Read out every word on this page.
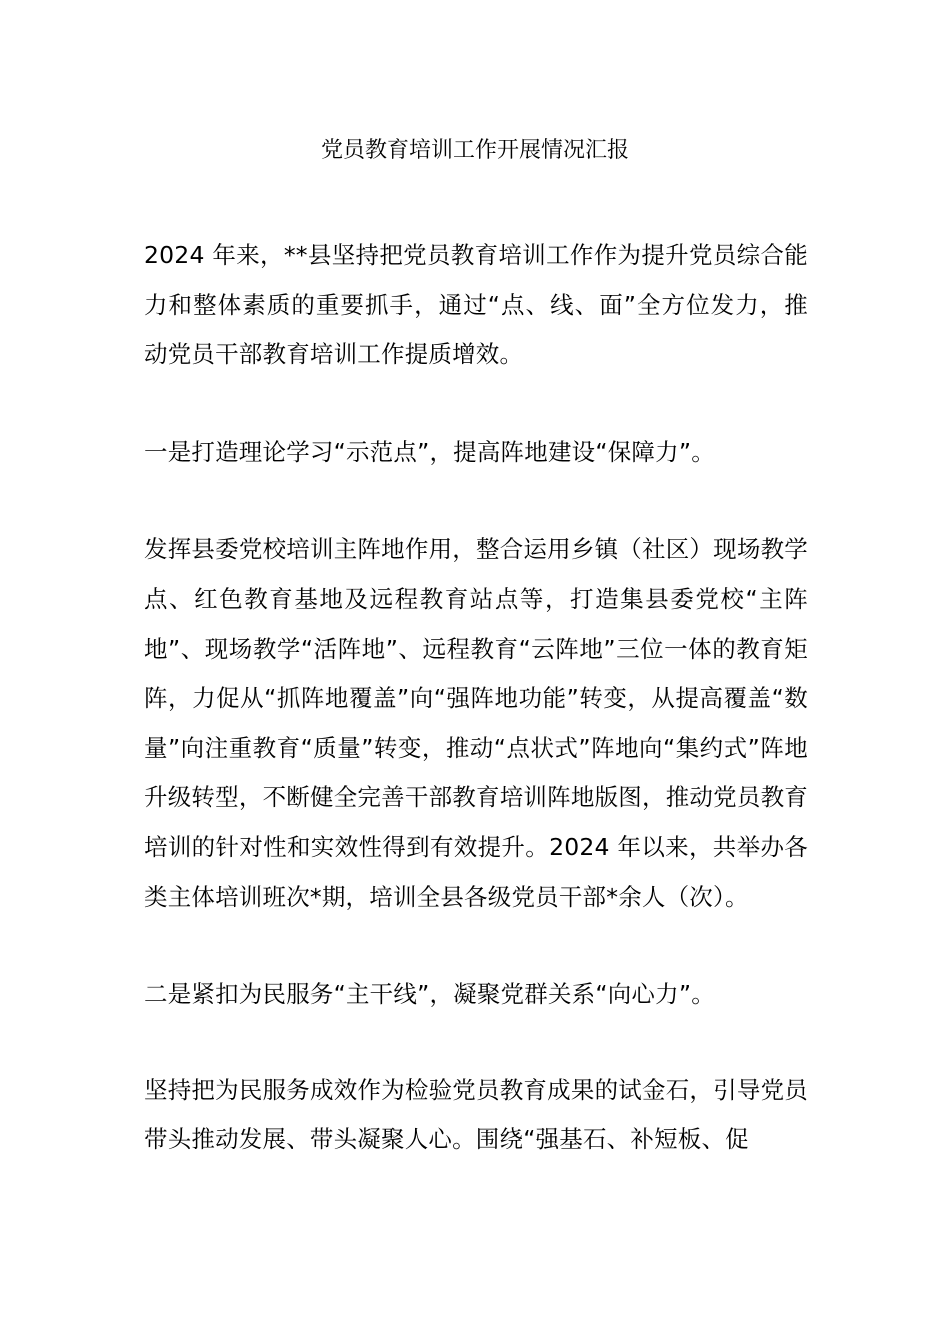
党员教育培训工作开展情况汇报

2024 年来，**县坚持把党员教育培训工作作为提升党员综合能力和整体素质的重要抓手，通过“点、线、面”全方位发力，推动党员干部教育培训工作提质增效。

一是打造理论学习“示范点”，提高阵地建设“保障力”。

发挥县委党校培训主阵地作用，整合运用乡镇（社区）现场教学点、红色教育基地及远程教育站点等，打造集县委党校“主阵地”、现场教学“活阵地”、远程教育“云阵地”三位一体的教育矩阵，力促从“抓阵地覆盖”向“强阵地功能”转变，从提高覆盖“数量”向注重教育“质量”转变，推动“点状式”阵地向“集约式”阵地升级转型，不断健全完善干部教育培训阵地版图，推动党员教育培训的针对性和实效性得到有效提升。2024 年以来，共举办各类主体培训班次*期，培训全县各级党员干部*余人（次）。

二是紧扣为民服务“主干线”，凝聚党群关系“向心力”。

坚持把为民服务成效作为检验党员教育成果的试金石，引导党员带头推动发展、带头凝聚人心。围绕“强基石、补短板、促
